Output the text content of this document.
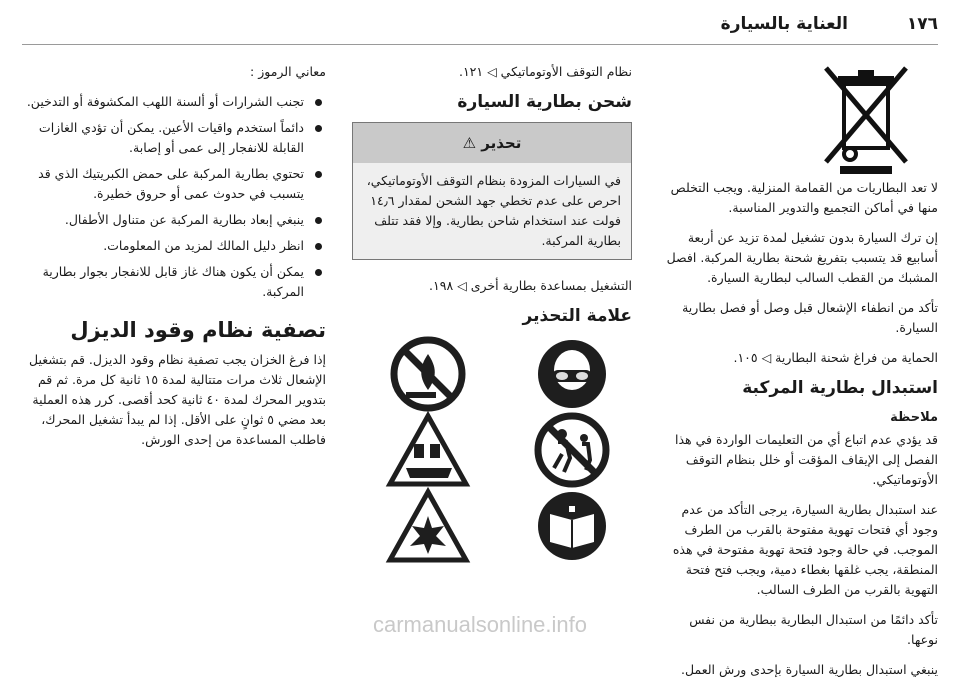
١٧٦
العناية بالسيارة

لا تعد البطاريات من القمامة المنزلية. ويجب التخلص منها في أماكن التجميع والتدوير المناسبة.

إن ترك السيارة بدون تشغيل لمدة تزيد عن أربعة أسابيع قد يتسبب بتفريغ شحنة بطارية المركبة. افصل المشبك من القطب السالب لبطارية السيارة.

تأكد من انطفاء الإشعال قبل وصل أو فصل بطارية السيارة.

الحماية من فراغ شحنة البطارية ◁ ١٠٥.

استبدال بطارية المركبة
ملاحظة

قد يؤدي عدم اتباع أي من التعليمات الواردة في هذا الفصل إلى الإيقاف المؤقت أو خلل بنظام التوقف الأوتوماتيكي.

عند استبدال بطارية السيارة، يرجى التأكد من عدم وجود أي فتحات تهوية مفتوحة بالقرب من الطرف الموجب. في حالة وجود فتحة تهوية مفتوحة في هذه المنطقة، يجب غلقها بغطاء دمية، ويجب فتح فتحة التهوية بالقرب من الطرف السالب.

تأكد دائمًا من استبدال البطارية ببطارية من نفس نوعها.

ينبغي استبدال بطارية السيارة بإحدى ورش العمل.

نظام التوقف الأوتوماتيكي ◁ ١٢١.

شحن بطارية السيارة
تحذير ⚠
في السيارات المزودة بنظام التوقف الأوتوماتيكي، احرص على عدم تخطي جهد الشحن لمقدار ١٤٫٦ فولت عند استخدام شاحن بطارية. وإلا فقد تتلف بطارية المركبة.

التشغيل بمساعدة بطارية أخرى ◁ ١٩٨.

علامة التحذير

معاني الرموز :

تجنب الشرارات أو ألسنة اللهب المكشوفة أو التدخين.
دائماً استخدم واقيات الأعين. يمكن أن تؤدي الغازات القابلة للانفجار إلى عمى أو إصابة.
تحتوي بطارية المركبة على حمض الكبريتيك الذي قد يتسبب في حدوث عمى أو حروق خطيرة.
ينبغي إبعاد بطارية المركبة عن متناول الأطفال.
انظر دليل المالك لمزيد من المعلومات.
يمكن أن يكون هناك غاز قابل للانفجار بجوار بطارية المركبة.
تصفية نظام وقود الديزل

إذا فرغ الخزان يجب تصفية نظام وقود الديزل. قم بتشغيل الإشعال ثلاث مرات متتالية لمدة ١٥ ثانية كل مرة. ثم قم بتدوير المحرك لمدة ٤٠ ثانية كحد أقصى. كرر هذه العملية بعد مضي ٥ ثوانٍ على الأقل. إذا لم يبدأ تشغيل المحرك، فاطلب المساعدة من إحدى الورش.

carmanualsonline.info
